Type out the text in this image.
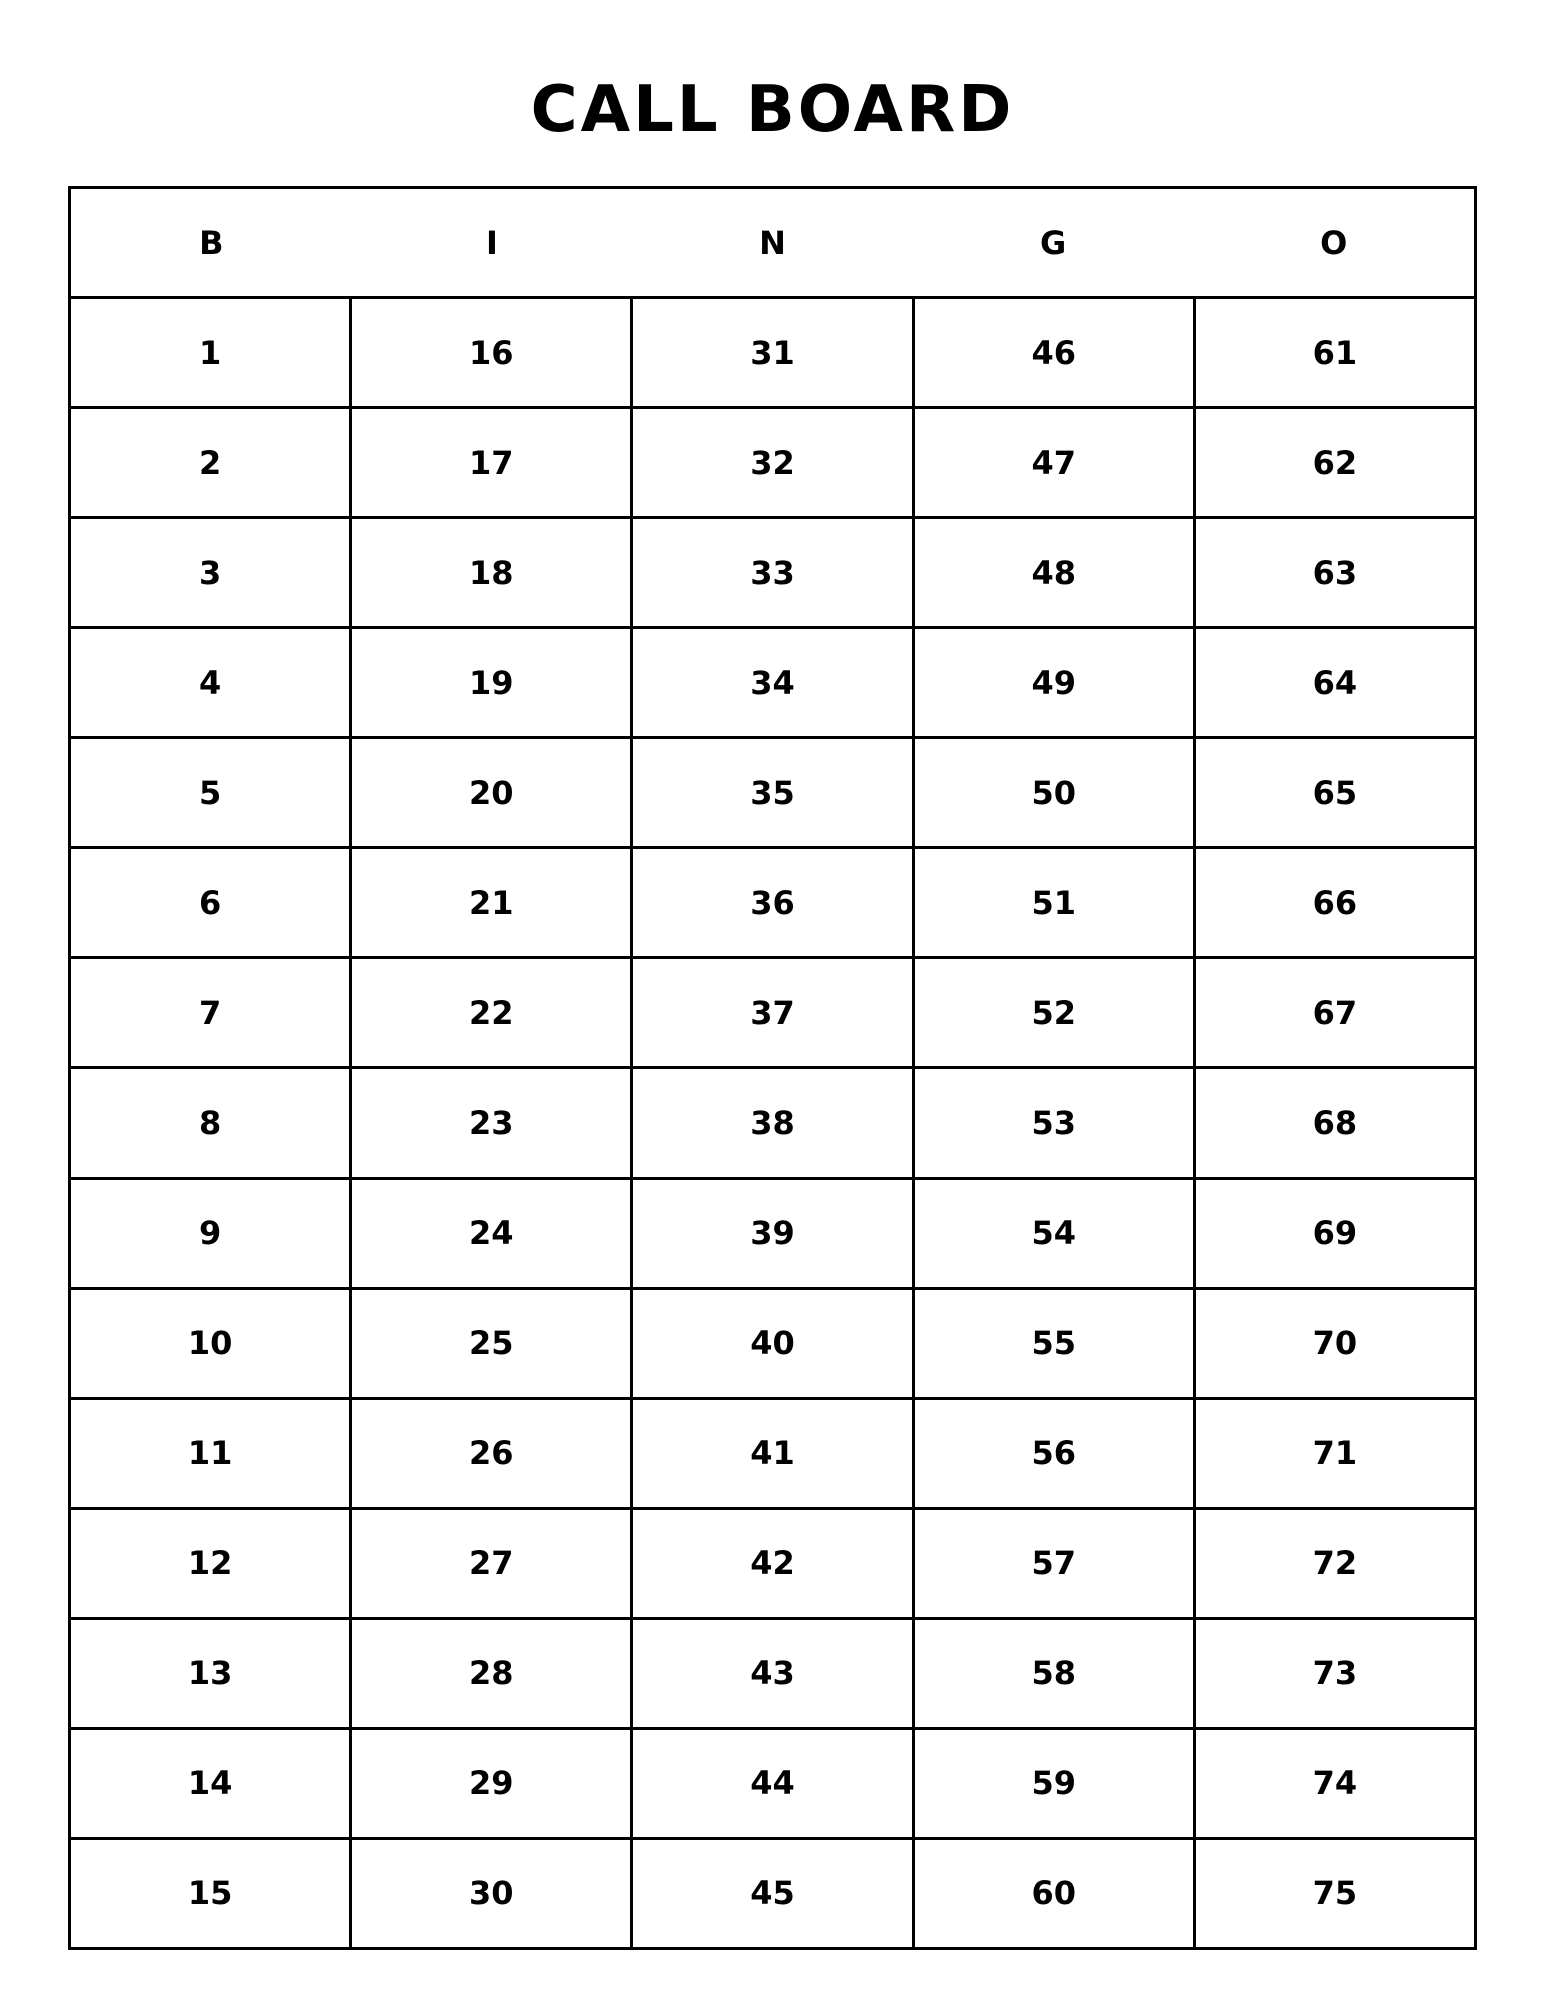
CALL BOARD
B	I	N	G	O
1	16	31	46	61
2	17	32	47	62
3	18	33	48	63
4	19	34	49	64
5	20	35	50	65
6	21	36	51	66
7	22	37	52	67
8	23	38	53	68
9	24	39	54	69
10	25	40	55	70
11	26	41	56	71
12	27	42	57	72
13	28	43	58	73
14	29	44	59	74
15	30	45	60	75
